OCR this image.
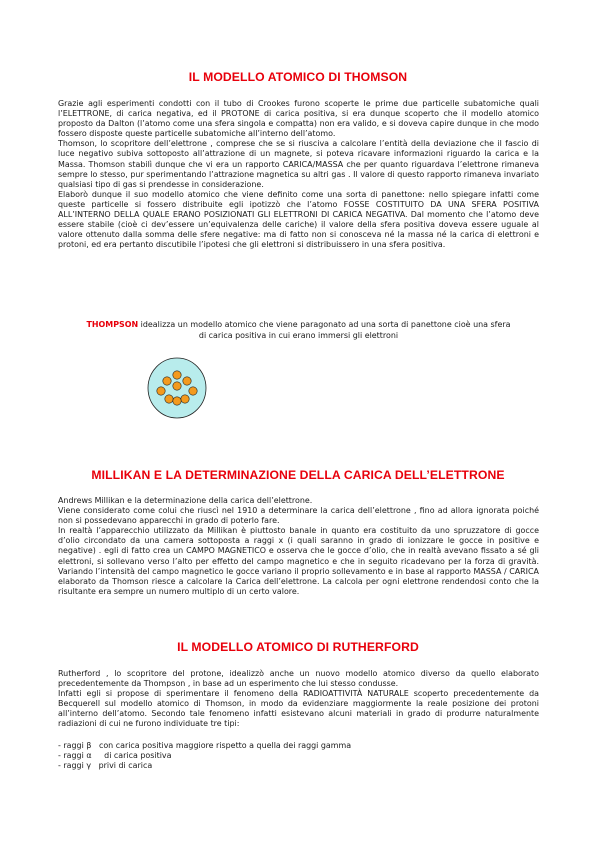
IL MODELLO ATOMICO DI THOMSON

Grazie agli esperimenti condotti con il tubo di Crookes furono scoperte le prime due particelle subatomiche quali l’ELETTRONE, di carica negativa, ed il PROTONE di carica positiva, si era dunque scoperto che il modello atomico proposto da Dalton (l’atomo come una sfera singola e compatta) non era valido, e si doveva capire dunque in che modo fossero disposte queste particelle subatomiche all’interno dell’atomo.

Thomson, lo scopritore dell’elettrone , comprese che se si riusciva a calcolare l’entità della deviazione che il fascio di luce negativo subiva sottoposto all’attrazione di un magnete, si poteva ricavare informazioni riguardo la carica e la Massa. Thomson stabilì dunque che vi era un rapporto CARICA/MASSA che per quanto riguardava l’elettrone rimaneva sempre lo stesso, pur sperimentando l’attrazione magnetica su altri gas . Il valore di questo rapporto rimaneva invariato qualsiasi tipo di gas si prendesse in considerazione.

Elaborò dunque il suo modello atomico che viene definito come una sorta di panettone: nello spiegare infatti come queste particelle si fossero distribuite egli ipotizzò che l’atomo FOSSE COSTITUITO DA UNA SFERA POSITIVA ALL’INTERNO DELLA QUALE ERANO POSIZIONATI GLI ELETTRONI DI CARICA NEGATIVA. Dal momento che l’atomo deve essere stabile (cioè ci dev’essere un’equivalenza delle cariche) il valore della sfera positiva doveva essere uguale al valore ottenuto dalla somma delle sfere negative: ma di fatto non si conosceva né la massa né la carica di elettroni e protoni, ed era pertanto discutibile l’ipotesi che gli elettroni si distribuissero in una sfera positiva.

THOMPSON idealizza un modello atomico che viene paragonato ad una sorta di panettone cioè una sfera
di carica positiva in cui erano immersi gli elettroni
MILLIKAN E LA DETERMINAZIONE DELLA CARICA DELL’ELETTRONE

Andrews Millikan e la determinazione della carica dell’elettrone.

Viene considerato come colui che riuscì nel 1910 a determinare la carica dell’elettrone , fino ad allora ignorata poiché non si possedevano apparecchi in grado di poterlo fare.

In realtà l’apparecchio utilizzato da Millikan è piuttosto banale in quanto era costituito da uno spruzzatore di gocce d’olio circondato da una camera sottoposta a raggi x (i quali saranno in grado di ionizzare le gocce in positive e negative) . egli di fatto crea un CAMPO MAGNETICO e osserva che le gocce d’olio, che in realtà avevano fissato a sé gli elettroni, si sollevano verso l’alto per effetto del campo magnetico e che in seguito ricadevano per la forza di gravità. Variando l’intensità del campo magnetico le gocce variano il proprio sollevamento e in base al rapporto MASSA / CARICA elaborato da Thomson riesce a calcolare la Carica dell’elettrone. La calcola per ogni elettrone rendendosi conto che la risultante era sempre un numero multiplo di un certo valore.

IL MODELLO ATOMICO DI RUTHERFORD

Rutherford , lo scopritore del protone, idealizzò anche un nuovo modello atomico diverso da quello elaborato precedentemente da Thompson , in base ad un esperimento che lui stesso condusse.

Infatti egli si propose di sperimentare il fenomeno della RADIOATTIVITÀ NATURALE scoperto precedentemente da Becquerell sul modello atomico di Thomson, in modo da evidenziare maggiormente la reale posizione dei protoni all’interno dell’atomo. Secondo tale fenomeno infatti esistevano alcuni materiali in grado di produrre naturalmente radiazioni di cui ne furono individuate tre tipi:

- raggi β   con carica positiva maggiore rispetto a quella dei raggi gamma
- raggi α     di carica positiva
- raggi γ   privi di carica
